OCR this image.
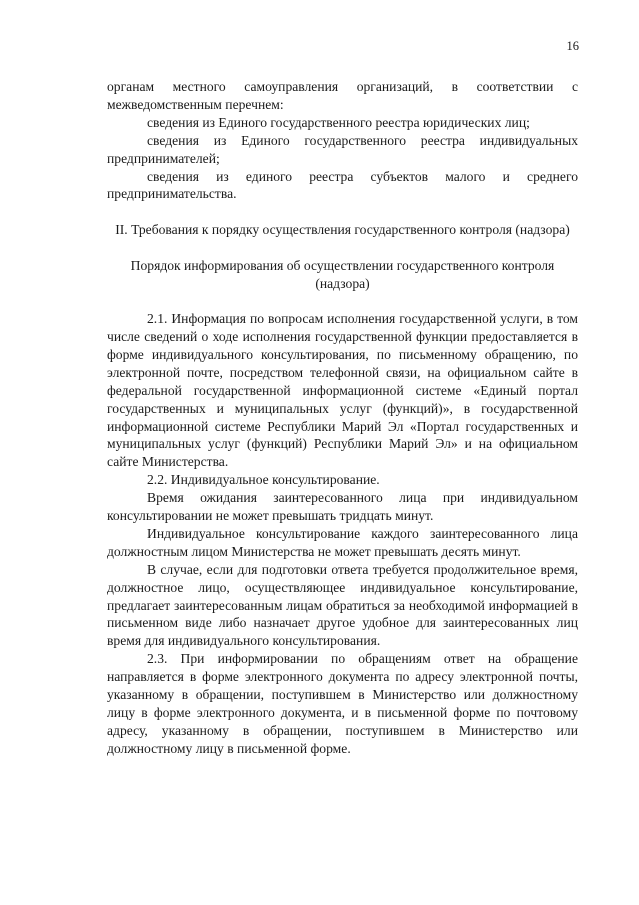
16

органам местного самоуправления организаций, в соответствии с межведомственным перечнем:

сведения из Единого государственного реестра юридических лиц;

сведения из Единого государственного реестра индивидуальных предпринимателей;

сведения из единого реестра субъектов малого и среднего предпринимательства.

II. Требования к порядку осуществления государственного контроля (надзора)

Порядок информирования об осуществлении государственного контроля (надзора)

2.1. Информация по вопросам исполнения государственной услуги, в том числе сведений о ходе исполнения государственной функции предоставляется в форме индивидуального консультирования, по письменному обращению, по электронной почте, посредством телефонной связи, на официальном сайте в федеральной государственной информационной системе «Единый портал государственных и муниципальных услуг (функций)», в государственной информационной системе Республики Марий Эл «Портал государственных и муниципальных услуг (функций) Республики Марий Эл» и на официальном сайте Министерства.

2.2. Индивидуальное консультирование.

Время ожидания заинтересованного лица при индивидуальном консультировании не может превышать тридцать минут.

Индивидуальное консультирование каждого заинтересованного лица должностным лицом Министерства не может превышать десять минут.

В случае, если для подготовки ответа требуется продолжительное время, должностное лицо, осуществляющее индивидуальное консультирование, предлагает заинтересованным лицам обратиться за необходимой информацией в письменном виде либо назначает другое удобное для заинтересованных лиц время для индивидуального консультирования.

2.3. При информировании по обращениям ответ на обращение направляется в форме электронного документа по адресу электронной почты, указанному в обращении, поступившем в Министерство или должностному лицу в форме электронного документа, и в письменной форме по почтовому адресу, указанному в обращении, поступившем в Министерство или должностному лицу в письменной форме.
